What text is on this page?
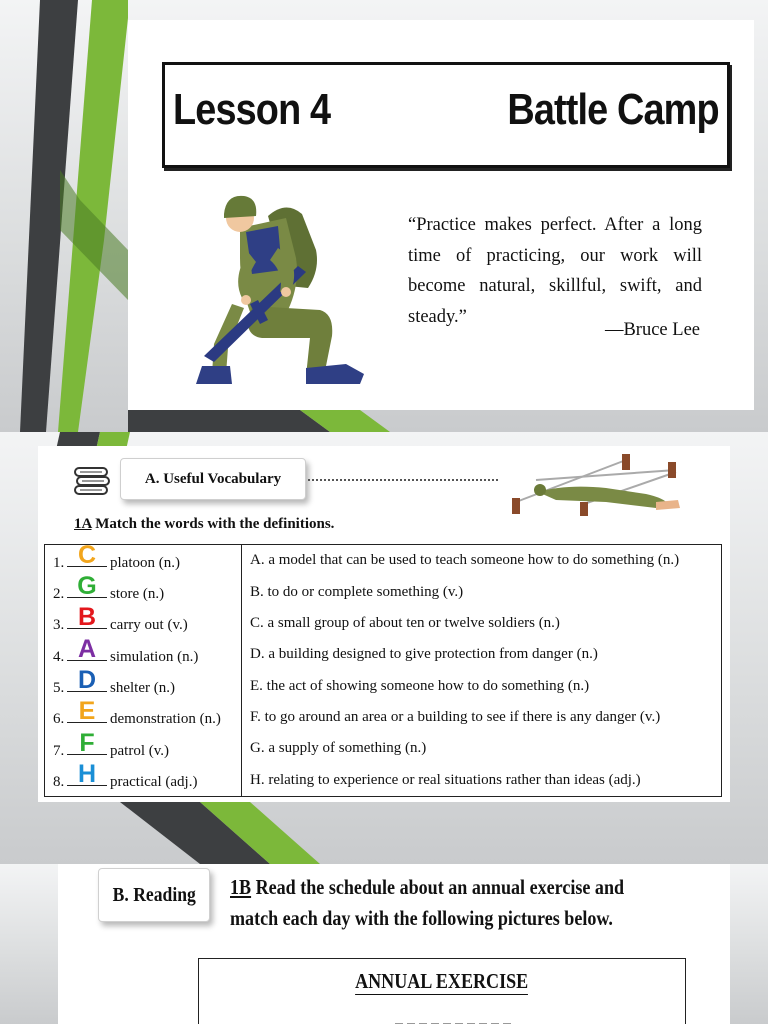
Lesson 4	Battle Camp
“Practice makes perfect. After a long time of practicing, our work will become natural, skillful, swift, and steady.”
—Bruce Lee
A. Useful Vocabulary
1A Match the words with the definitions.
1. C platoon (n.)	A. a model that can be used to teach someone how to do something (n.)
2. G store (n.)	B. to do or complete something (v.)
3. B carry out (v.)	C. a small group of about ten or twelve soldiers (n.)
4. A simulation (n.)	D. a building designed to give protection from danger (n.)
5. D shelter (n.)	E. the act of showing someone how to do something (n.)
6. E demonstration (n.)	F. to go around an area or a building to see if there is any danger (v.)
7. F patrol (v.)	G. a supply of something (n.)
8. H practical (adj.)	H. relating to experience or real situations rather than ideas (adj.)
B. Reading 1B Read the schedule about an annual exercise and match each day with the following pictures below.
ANNUAL EXERCISE
